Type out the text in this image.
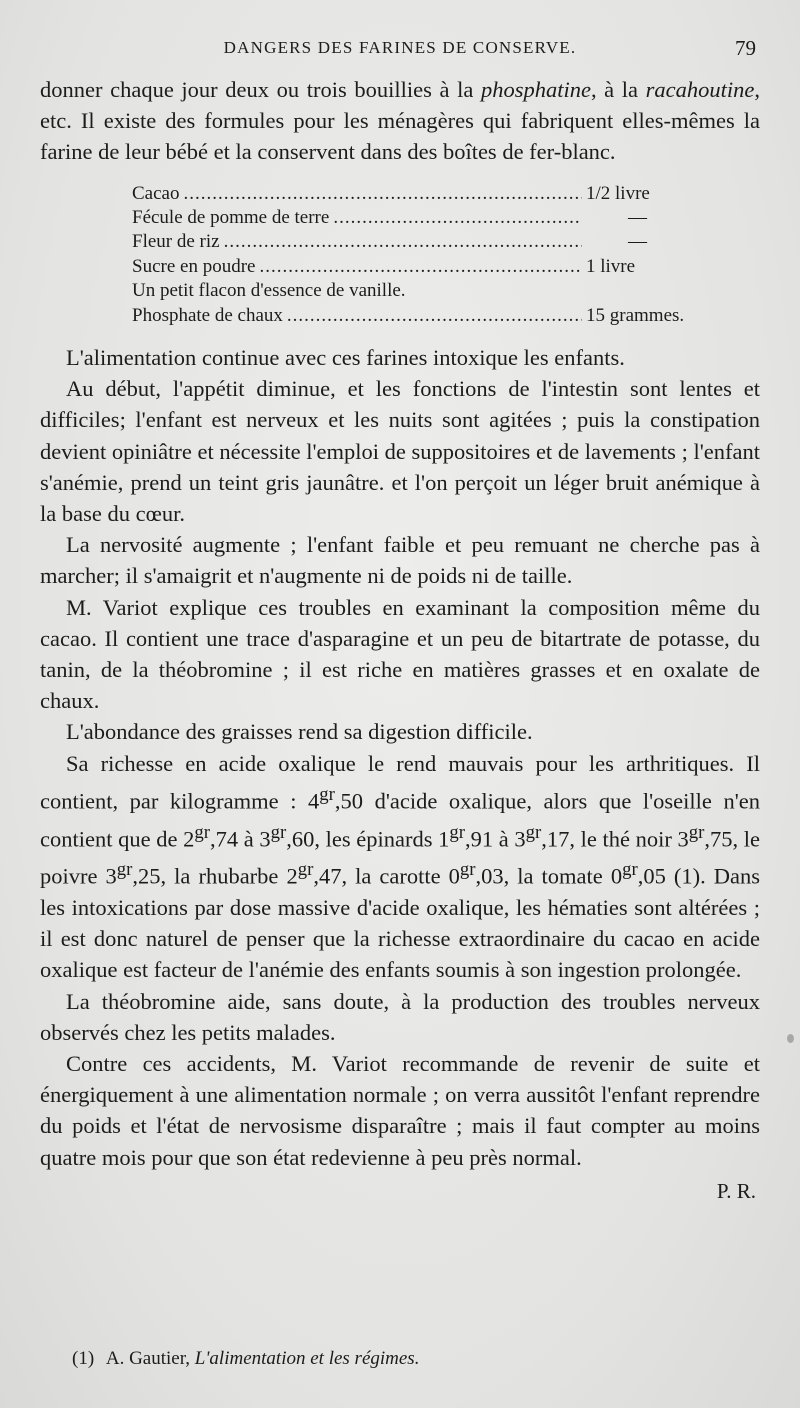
DANGERS DES FARINES DE CONSERVE.	79

donner chaque jour deux ou trois bouillies à la phosphatine, à la racahoutine, etc. Il existe des formules pour les ménagères qui fabriquent elles-mêmes la farine de leur bébé et la conservent dans des boîtes de fer-blanc.

Cacao .....	1/2 livre
Fécule de pomme de terre .....	—
Fleur de riz .....	—
Sucre en poudre .....	1 livre
Un petit flacon d'essence de vanille.
Phosphate de chaux .....	15 grammes.

L'alimentation continue avec ces farines intoxique les enfants.

Au début, l'appétit diminue, et les fonctions de l'intestin sont lentes et difficiles; l'enfant est nerveux et les nuits sont agitées ; puis la constipation devient opiniâtre et nécessite l'emploi de suppositoires et de lavements ; l'enfant s'anémie, prend un teint gris jaunâtre. et l'on perçoit un léger bruit anémique à la base du cœur.

La nervosité augmente ; l'enfant faible et peu remuant ne cherche pas à marcher; il s'amaigrit et n'augmente ni de poids ni de taille.

M. Variot explique ces troubles en examinant la composition même du cacao. Il contient une trace d'asparagine et un peu de bitartrate de potasse, du tanin, de la théobromine ; il est riche en matières grasses et en oxalate de chaux.

L'abondance des graisses rend sa digestion difficile.

Sa richesse en acide oxalique le rend mauvais pour les arthritiques. Il contient, par kilogramme : $4^{gr},50$ d'acide oxalique, alors que l'oseille n'en contient que de $2^{gr},74$ à $3^{gr},60$, les épinards $1^{gr},91$ à $3^{gr},17$, le thé noir $3^{gr},75$, le poivre $3^{gr},25$, la rhubarbe $2^{gr},47$, la carotte $0^{gr},03$, la tomate $0^{gr},05$ (1). Dans les intoxications par dose massive d'acide oxalique, les hématies sont altérées ; il est donc naturel de penser que la richesse extraordinaire du cacao en acide oxalique est facteur de l'anémie des enfants soumis à son ingestion prolongée.

La théobromine aide, sans doute, à la production des troubles nerveux observés chez les petits malades.

Contre ces accidents, M. Variot recommande de revenir de suite et énergiquement à une alimentation normale ; on verra aussitôt l'enfant reprendre du poids et l'état de nervosisme disparaître ; mais il faut compter au moins quatre mois pour que son état redevienne à peu près normal.

P. R.
(1) A. Gautier, L'alimentation et les régimes.
